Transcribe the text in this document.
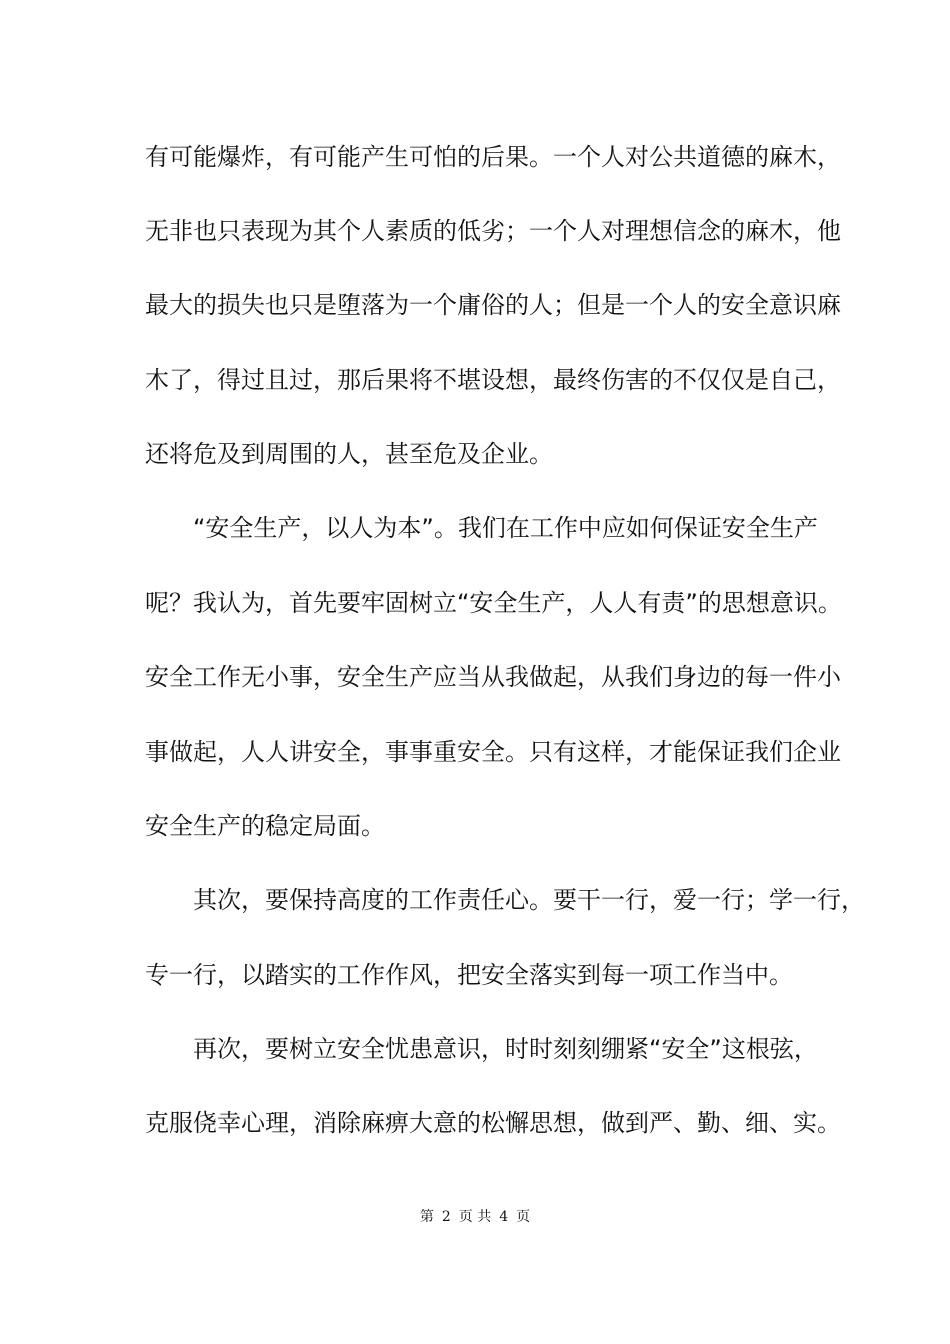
有可能爆炸，有可能产生可怕的后果。一个人对公共道德的麻木，
无非也只表现为其个人素质的低劣；一个人对理想信念的麻木，他
最大的损失也只是堕落为一个庸俗的人；但是一个人的安全意识麻
木了，得过且过，那后果将不堪设想，最终伤害的不仅仅是自己，
还将危及到周围的人，甚至危及企业。
“安全生产，以人为本”。我们在工作中应如何保证安全生产
呢？我认为，首先要牢固树立“安全生产，人人有责”的思想意识。
安全工作无小事，安全生产应当从我做起，从我们身边的每一件小
事做起，人人讲安全，事事重安全。只有这样，才能保证我们企业
安全生产的稳定局面。
其次，要保持高度的工作责任心。要干一行，爱一行；学一行，
专一行，以踏实的工作作风，把安全落实到每一项工作当中。
再次，要树立安全忧患意识，时时刻刻绷紧“安全”这根弦，
克服侥幸心理，消除麻痹大意的松懈思想，做到严、勤、细、实。
第 2 页 共 4 页
